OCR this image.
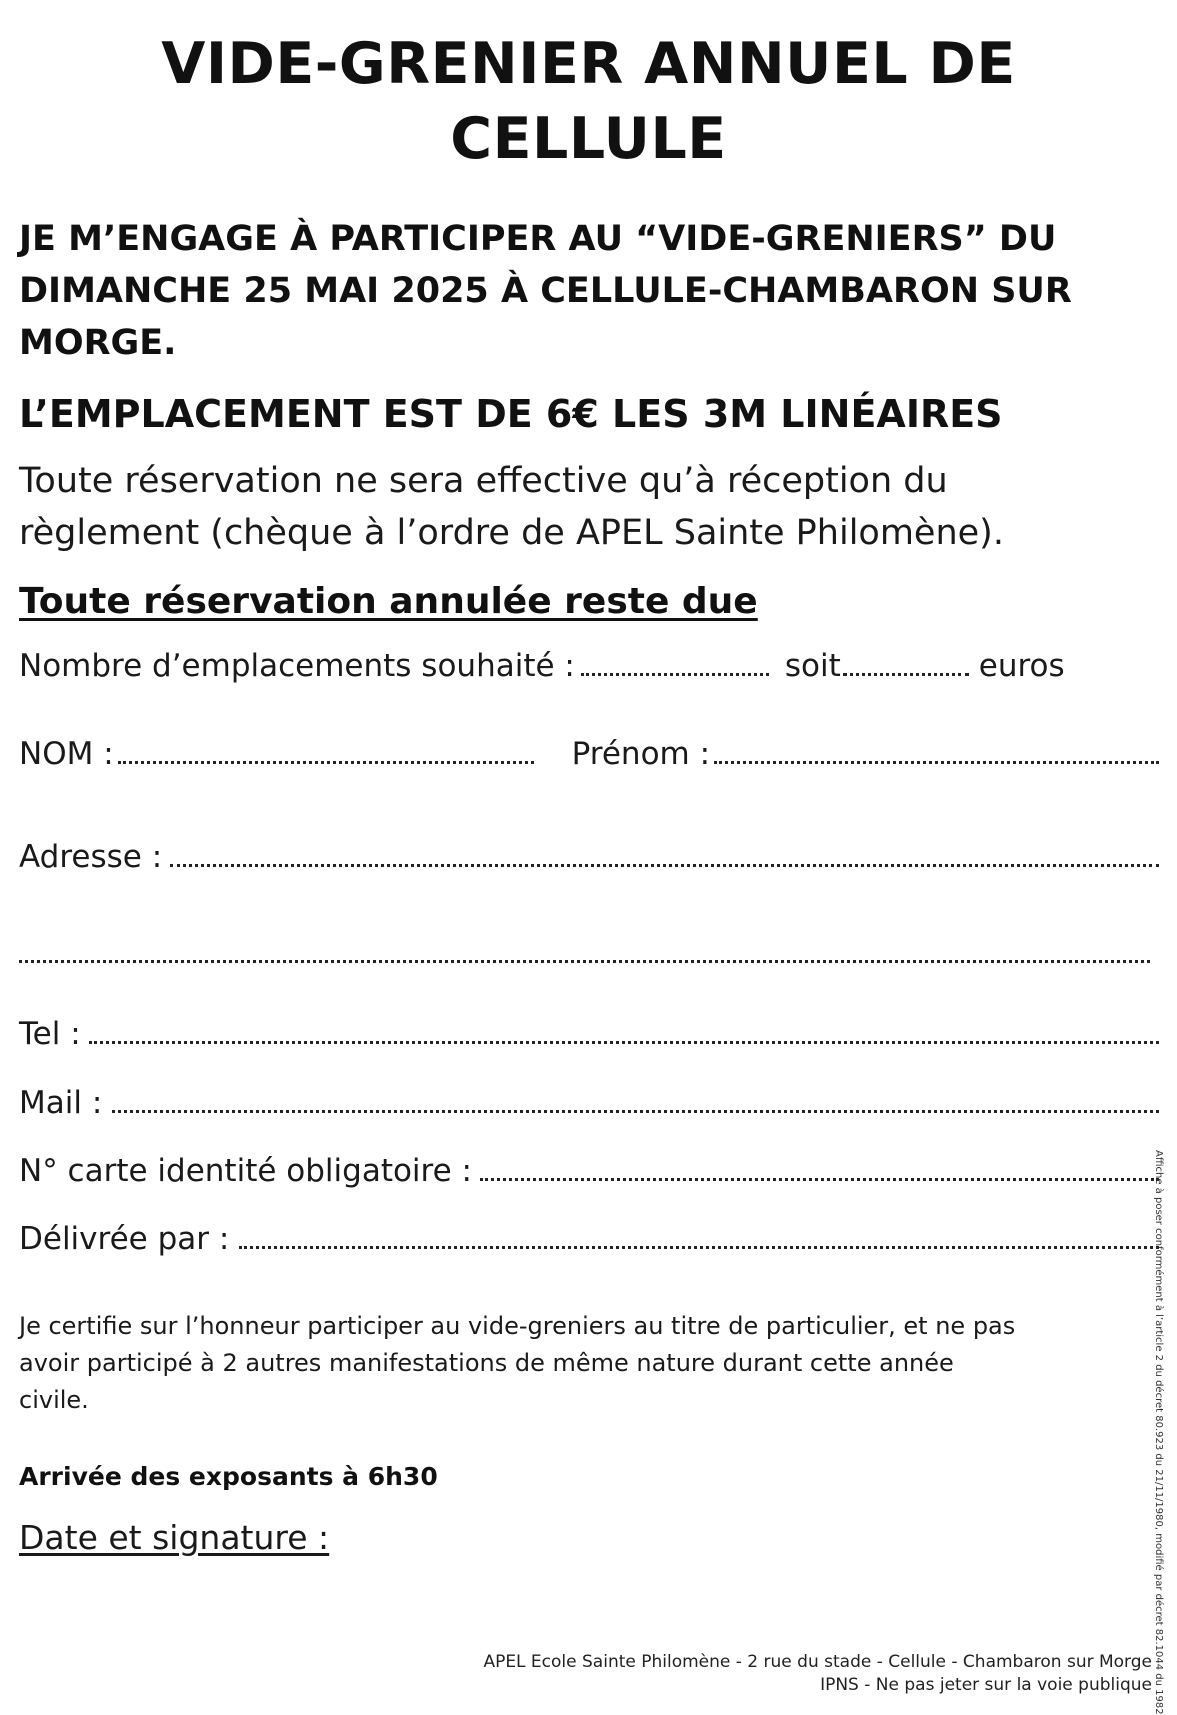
VIDE-GRENIER ANNUEL DE
CELLULE

JE M’ENGAGE À PARTICIPER AU “VIDE-GRENIERS” DU
DIMANCHE 25 MAI 2025 À CELLULE-CHAMBARON SUR
MORGE.

L’EMPLACEMENT EST DE 6€ LES 3M LINÉAIRES

Toute réservation ne sera effective qu’à réception du
règlement (chèque à l’ordre de APEL Sainte Philomène).

Toute réservation annulée reste due

Nombre d’emplacements souhaité :	soit	euros
NOM :	Prénom :
Adresse :
Tel :
Mail :
N° carte identité obligatoire :
Délivrée par :

Je certifie sur l’honneur participer au vide-greniers au titre de particulier, et ne pas
avoir participé à 2 autres manifestations de même nature durant cette année
civile.

Arrivée des exposants à 6h30

Date et signature :

APEL Ecole Sainte Philomène - 2 rue du stade - Cellule - Chambaron sur Morge
IPNS - Ne pas jeter sur la voie publique Affiche à poser conformément à l’article 2 du décret 80.923 du 21/11/1980, modifié par décret 82.1044 du 1982
